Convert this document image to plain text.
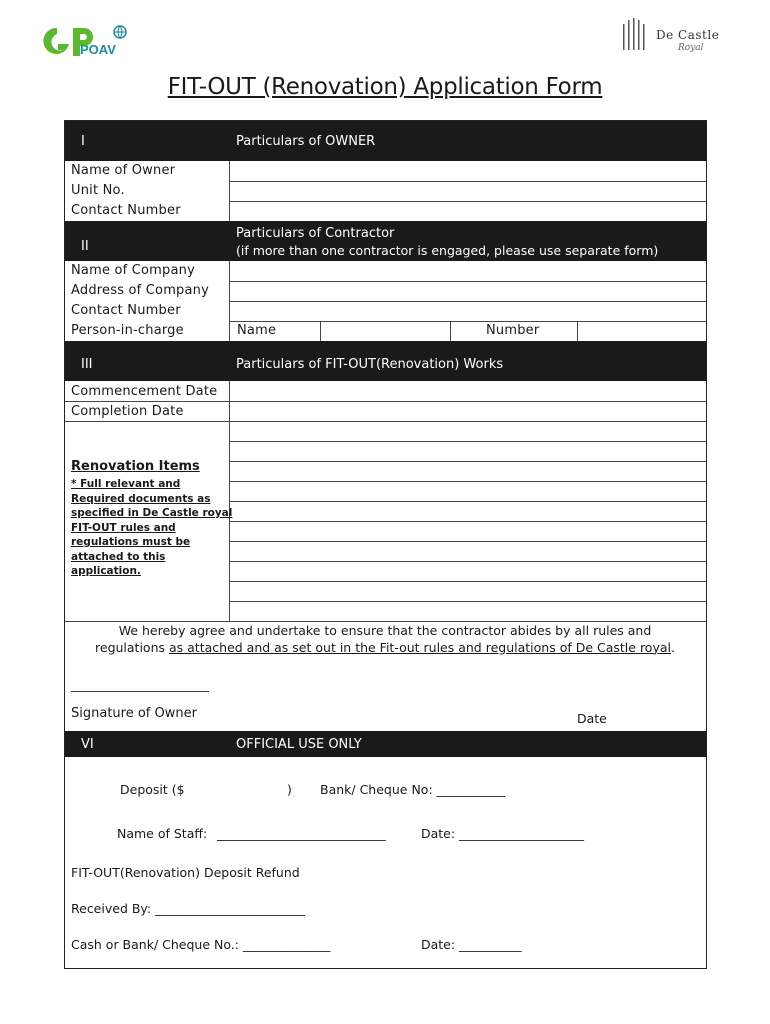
POAV
De Castle
Royal
FIT-OUT (Renovation) Application Form
I	Particulars of OWNER
Name of Owner
Unit No.
Contact Number
II
Particulars of Contractor
(if more than one contractor is engaged, please use separate form)
Name of Company
Address of Company
Contact Number
Person-in-charge	Name	Number
III	Particulars of FIT-OUT(Renovation) Works
Commencement Date
Completion Date
Renovation Items
* Full relevant and Required documents as specified in De Castle royal FIT-OUT rules and regulations must be attached to this application.
We hereby agree and undertake to ensure that the contractor abides by all rules and
regulations as attached and as set out in the Fit-out rules and regulations of De Castle royal.
Signature of Owner	Date
VI	OFFICIAL USE ONLY
Deposit ($	) Bank/ Cheque No: ___________
Name of Staff: ___________________________	Date: ____________________
FIT-OUT(Renovation) Deposit Refund
Received By: ________________________
Cash or Bank/ Cheque No.: ______________	Date: __________
